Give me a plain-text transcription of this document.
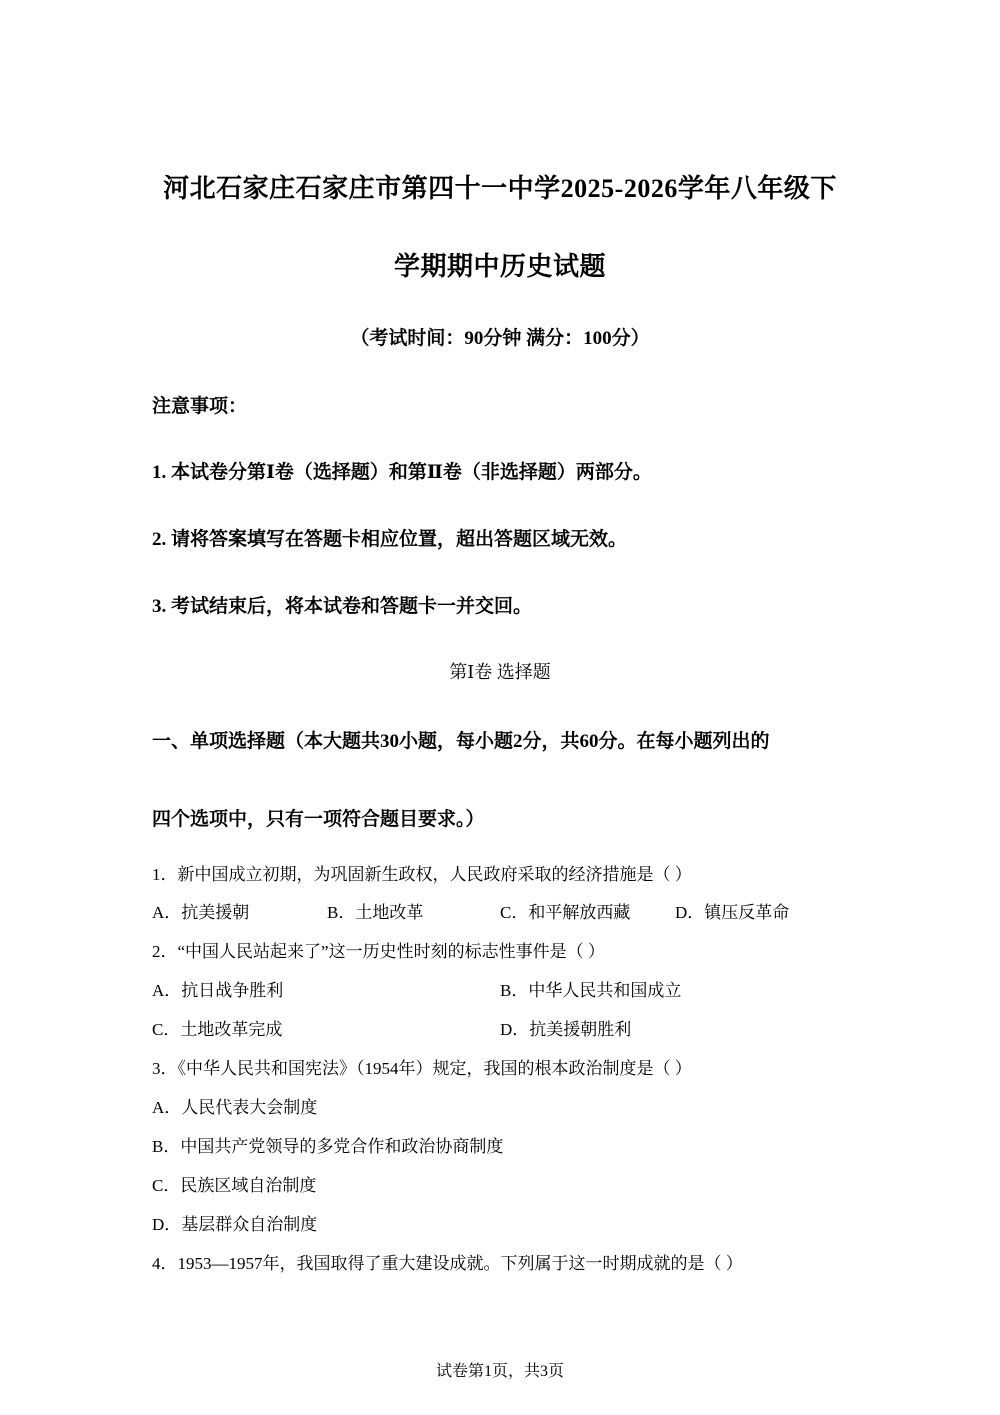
河北石家庄石家庄市第四十一中学2025-2026学年八年级下
学期期中历史试题
（考试时间：90分钟 满分：100分）
注意事项：
1. 本试卷分第Ⅰ卷（选择题）和第Ⅱ卷（非选择题）两部分。
2. 请将答案填写在答题卡相应位置，超出答题区域无效。
3. 考试结束后，将本试卷和答题卡一并交回。
第Ⅰ卷 选择题
一、单项选择题（本大题共30小题，每小题2分，共60分。在每小题列出的
四个选项中，只有一项符合题目要求。）
1．新中国成立初期，为巩固新生政权，人民政府采取的经济措施是（ ）
A．抗美援朝	B．土地改革	C．和平解放西藏	D．镇压反革命
2．“中国人民站起来了”这一历史性时刻的标志性事件是（ ）
A．抗日战争胜利	B．中华人民共和国成立
C．土地改革完成	D．抗美援朝胜利
3．《中华人民共和国宪法》（1954年）规定，我国的根本政治制度是（ ）
A．人民代表大会制度
B．中国共产党领导的多党合作和政治协商制度
C．民族区域自治制度
D．基层群众自治制度
4．1953—1957年，我国取得了重大建设成就。下列属于这一时期成就的是（ ）
试卷第1页，共3页
